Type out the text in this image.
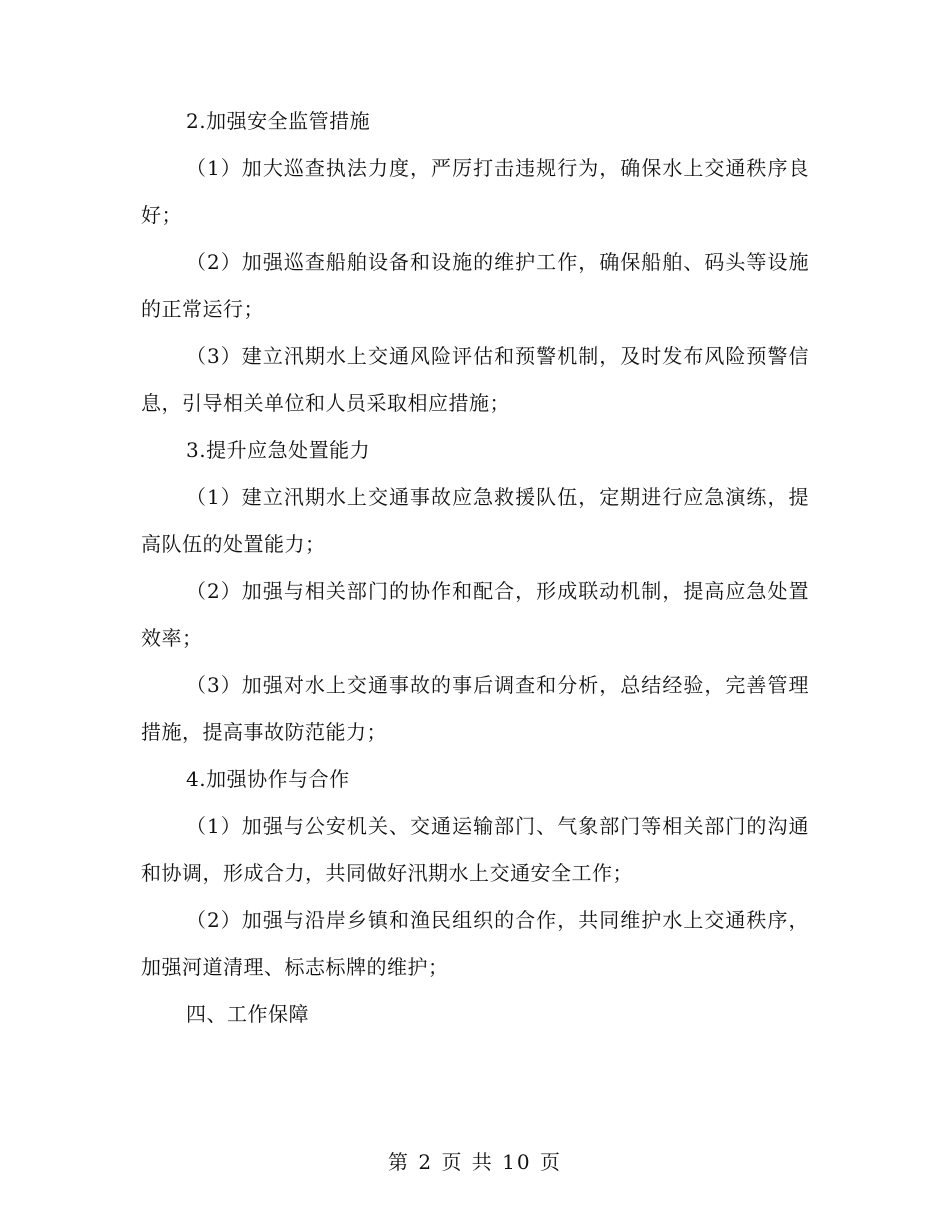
2.加强安全监管措施

（1）加大巡查执法力度，严厉打击违规行为，确保水上交通秩序良好；

（2）加强巡查船舶设备和设施的维护工作，确保船舶、码头等设施的正常运行；

（3）建立汛期水上交通风险评估和预警机制，及时发布风险预警信息，引导相关单位和人员采取相应措施；

3.提升应急处置能力

（1）建立汛期水上交通事故应急救援队伍，定期进行应急演练，提高队伍的处置能力；

（2）加强与相关部门的协作和配合，形成联动机制，提高应急处置效率；

（3）加强对水上交通事故的事后调查和分析，总结经验，完善管理措施，提高事故防范能力；

4.加强协作与合作

（1）加强与公安机关、交通运输部门、气象部门等相关部门的沟通和协调，形成合力，共同做好汛期水上交通安全工作；

（2）加强与沿岸乡镇和渔民组织的合作，共同维护水上交通秩序，加强河道清理、标志标牌的维护；

四、工作保障

第 2 页 共 10 页
